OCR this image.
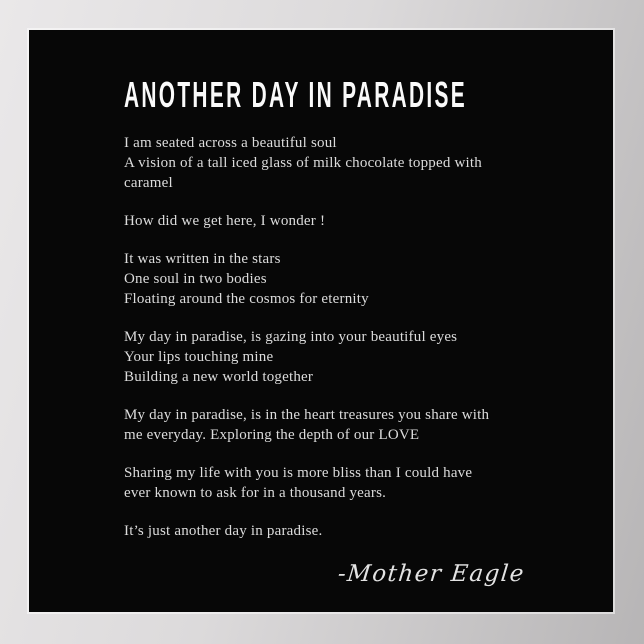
ANOTHER DAY IN PARADISE

I am seated across a beautiful soul
A vision of a tall iced glass of milk chocolate topped with
caramel

How did we get here, I wonder !

It was written in the stars
One soul in two bodies
Floating around the cosmos for eternity

My day in paradise, is gazing into your beautiful eyes
Your lips touching mine
Building a new world together

My day in paradise, is in the heart treasures you share with
me everyday. Exploring the depth of our LOVE

Sharing my life with you is more bliss than I could have
ever known to ask for in a thousand years.

It’s just another day in paradise.

-Mother Eagle
